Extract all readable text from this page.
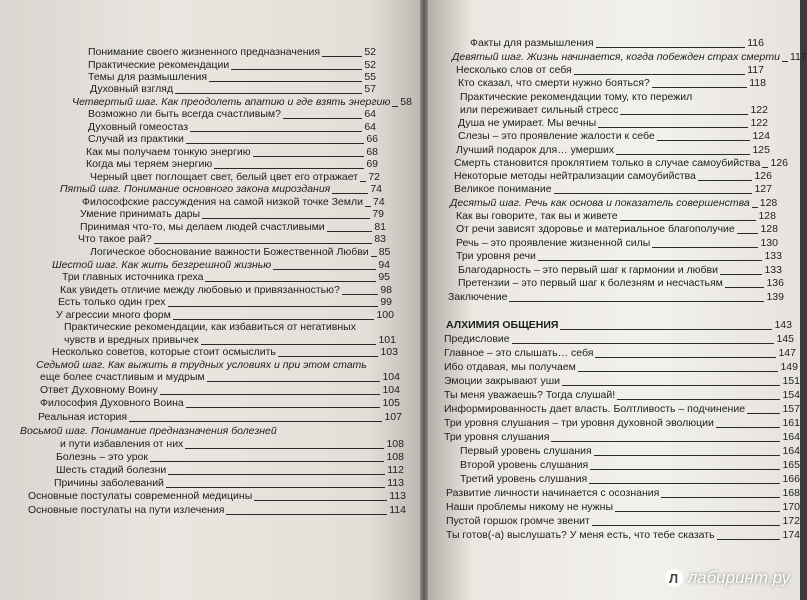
Понимание своего жизненного предназначения	52
Практические рекомендации	52
Темы для размышления	55
Духовный взгляд	57
Четвертый шаг. Как преодолеть апатию и где взять энергию 58
Возможно ли быть всегда счастливым?	64
Духовный гомеостаз	64
Случай из практики	66
Как мы получаем тонкую энергию	68
Когда мы теряем энергию	69
Черный цвет поглощает свет, белый цвет его отражает 72
Пятый шаг. Понимание основного закона мироздания	74
Философские рассуждения на самой низкой точке Земли 74
Умение принимать дары	79
Принимая что-то, мы делаем людей счастливыми	81
Что такое рай?	83
Логическое обоснование важности Божественной Любви 85
Шестой шаг. Как жить безгрешной жизнью	94
Три главных источника греха	95
Как увидеть отличие между любовью и привязанностью?	98
Есть только один грех	99
У агрессии много форм	100
Практические рекомендации, как избавиться от негативных
чувств и вредных привычек	101
Несколько советов, которые стоит осмыслить	103
Седьмой шаг. Как выжить в трудных условиях и при этом стать
еще более счастливым и мудрым	104
Ответ Духовному Воину	104
Философия Духовного Воина	105
Реальная история	107
Восьмой шаг. Понимание предназначения болезней
и пути избавления от них	108
Болезнь – это урок	108
Шесть стадий болезни	112
Причины заболеваний	113
Основные постулаты современной медицины	113
Основные постулаты на пути излечения	114
Факты для размышления	116
Девятый шаг. Жизнь начинается, когда побежден страх смерти 117
Несколько слов от себя	117
Кто сказал, что смерти нужно бояться?	118
Практические рекомендации тому, кто пережил
или переживает сильный стресс	122
Душа не умирает. Мы вечны	122
Слезы – это проявление жалости к себе	124
Лучший подарок для… умерших	125
Смерть становится проклятием только в случае самоубийства 126
Некоторые методы нейтрализации самоубийства	126
Великое понимание	127
Десятый шаг. Речь как основа и показатель совершенства 128
Как вы говорите, так вы и живете	128
От речи зависят здоровье и материальное благополучие 128
Речь – это проявление жизненной силы	130
Три уровня речи	133
Благодарность – это первый шаг к гармонии и любви	133
Претензии – это первый шаг к болезням и несчастьям	136
Заключение	139
АЛХИМИЯ ОБЩЕНИЯ	143
Предисловие	145
Главное – это слышать… себя	147
Ибо отдавая, мы получаем	149
Эмоции закрывают уши	151
Ты меня уважаешь? Тогда слушай!	154
Информированность дает власть. Болтливость – подчинение	157
Три уровня слушания – три уровня духовной эволюции	161
Три уровня слушания	164
Первый уровень слушания	164
Второй уровень слушания	165
Третий уровень слушания	166
Развитие личности начинается с осознания	168
Наши проблемы никому не нужны	170
Пустой горшок громче звенит	172
Ты готов(-а) выслушать? У меня есть, что тебе сказать	174
Л лабиринт.ру
